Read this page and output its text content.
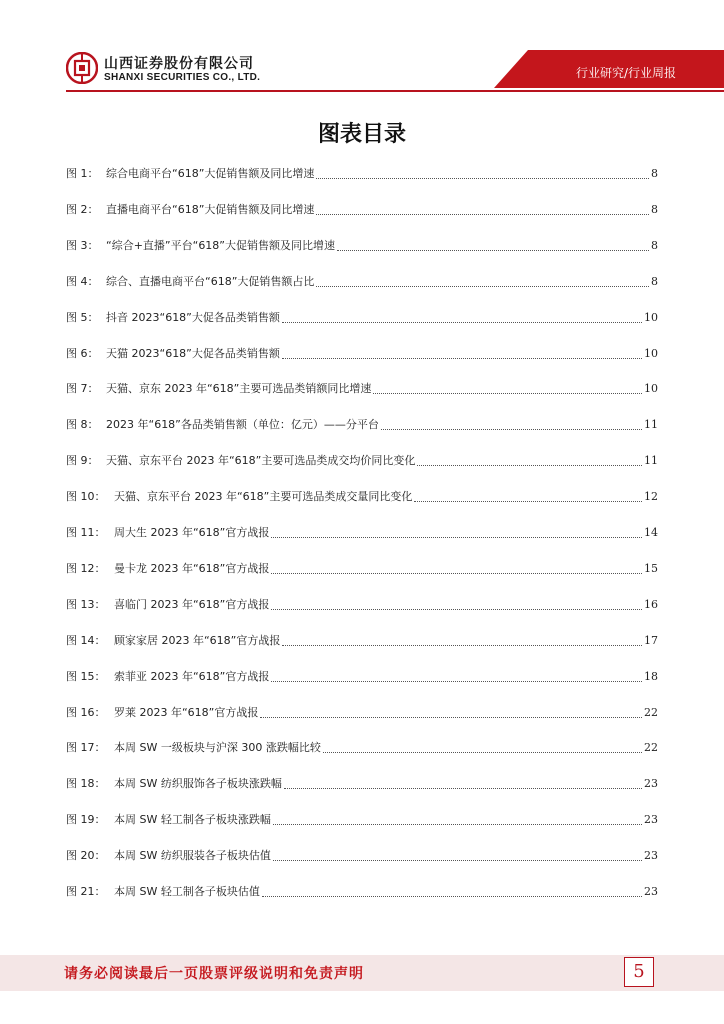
山西证券股份有限公司
SHANXI SECURITIES CO., LTD.	行业研究/行业周报
图表目录
图 1： 综合电商平台“618”大促销售额及同比增速	8
图 2： 直播电商平台“618”大促销售额及同比增速	8
图 3： “综合+直播”平台“618”大促销售额及同比增速	8
图 4： 综合、直播电商平台“618”大促销售额占比	8
图 5： 抖音 2023“618”大促各品类销售额	10
图 6： 天猫 2023“618”大促各品类销售额	10
图 7： 天猫、京东 2023 年“618”主要可选品类销额同比增速	10
图 8： 2023 年“618”各品类销售额（单位：亿元）——分平台	11
图 9： 天猫、京东平台 2023 年“618”主要可选品类成交均价同比变化	11
图 10： 天猫、京东平台 2023 年“618”主要可选品类成交量同比变化	12
图 11： 周大生 2023 年“618”官方战报	14
图 12： 曼卡龙 2023 年“618”官方战报	15
图 13： 喜临门 2023 年“618”官方战报	16
图 14： 顾家家居 2023 年“618”官方战报	17
图 15： 索菲亚 2023 年“618”官方战报	18
图 16： 罗莱 2023 年“618”官方战报	22
图 17： 本周 SW 一级板块与沪深 300 涨跌幅比较	22
图 18： 本周 SW 纺织服饰各子板块涨跌幅	23
图 19： 本周 SW 轻工制各子板块涨跌幅	23
图 20： 本周 SW 纺织服装各子板块估值	23
图 21： 本周 SW 轻工制各子板块估值	23
请务必阅读最后一页股票评级说明和免责声明	5
